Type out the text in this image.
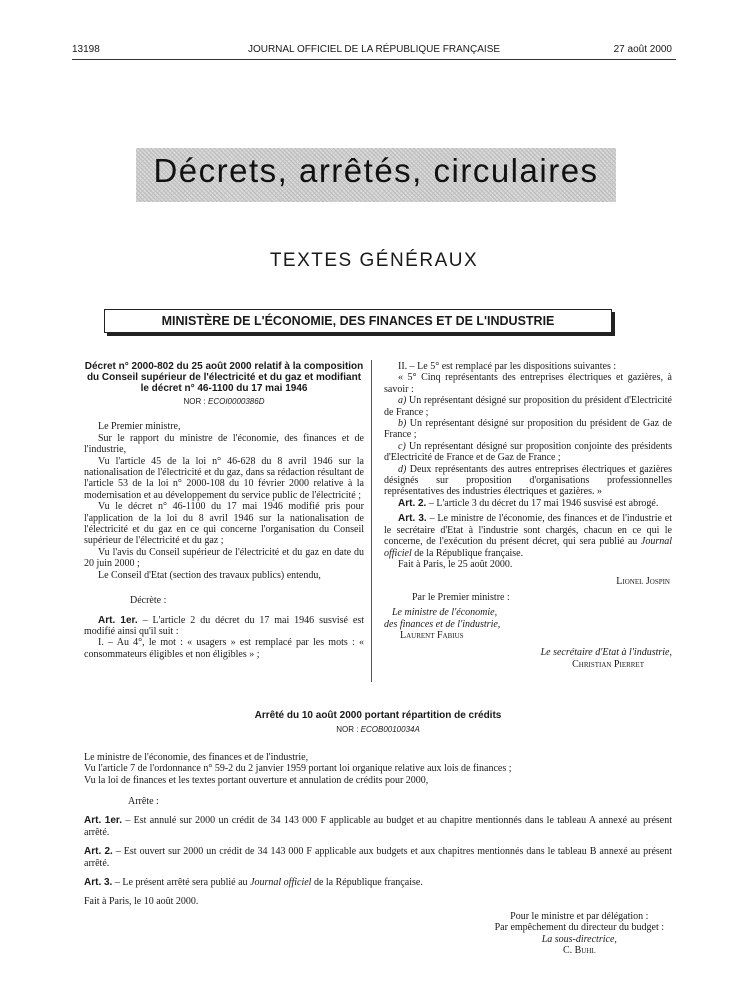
13198	JOURNAL OFFICIEL DE LA RÉPUBLIQUE FRANÇAISE	27 août 2000
Décrets, arrêtés, circulaires
TEXTES GÉNÉRAUX
MINISTÈRE DE L'ÉCONOMIE, DES FINANCES ET DE L'INDUSTRIE

Décret n° 2000-802 du 25 août 2000 relatif à la composition du Conseil supérieur de l'électricité et du gaz et modifiant le décret n° 46-1100 du 17 mai 1946

NOR : ECOI0000386D

Le Premier ministre,

Sur le rapport du ministre de l'économie, des finances et de l'industrie,

Vu l'article 45 de la loi n° 46-628 du 8 avril 1946 sur la nationalisation de l'électricité et du gaz, dans sa rédaction résultant de l'article 53 de la loi n° 2000-108 du 10 février 2000 relative à la modernisation et au développement du service public de l'électricité ;

Vu le décret n° 46-1100 du 17 mai 1946 modifié pris pour l'application de la loi du 8 avril 1946 sur la nationalisation de l'électricité et du gaz en ce qui concerne l'organisation du Conseil supérieur de l'électricité et du gaz ;

Vu l'avis du Conseil supérieur de l'électricité et du gaz en date du 20 juin 2000 ;

Le Conseil d'Etat (section des travaux publics) entendu,

Décrète :

Art. 1er. – L'article 2 du décret du 17 mai 1946 susvisé est modifié ainsi qu'il suit :

I. – Au 4°, le mot : « usagers » est remplacé par les mots : « consommateurs éligibles et non éligibles » ;

II. – Le 5° est remplacé par les dispositions suivantes :

« 5° Cinq représentants des entreprises électriques et gazières, à savoir :

a) Un représentant désigné sur proposition du président d'Electricité de France ;

b) Un représentant désigné sur proposition du président de Gaz de France ;

c) Un représentant désigné sur proposition conjointe des présidents d'Electricité de France et de Gaz de France ;

d) Deux représentants des autres entreprises électriques et gazières désignés sur proposition d'organisations professionnelles représentatives des industries électriques et gazières. »

Art. 2. – L'article 3 du décret du 17 mai 1946 susvisé est abrogé.

Art. 3. – Le ministre de l'économie, des finances et de l'industrie et le secrétaire d'Etat à l'industrie sont chargés, chacun en ce qui le concerne, de l'exécution du présent décret, qui sera publié au Journal officiel de la République française.

Fait à Paris, le 25 août 2000.

Lionel Jospin

Par le Premier ministre :

Le ministre de l'économie,

des finances et de l'industrie,

Laurent Fabius

Le secrétaire d'Etat à l'industrie,

Christian Pierret

Arrêté du 10 août 2000 portant répartition de crédits

NOR : ECOB0010034A

Le ministre de l'économie, des finances et de l'industrie,

Vu l'article 7 de l'ordonnance n° 59-2 du 2 janvier 1959 portant loi organique relative aux lois de finances ;

Vu la loi de finances et les textes portant ouverture et annulation de crédits pour 2000,

Arrête :

Art. 1er. – Est annulé sur 2000 un crédit de 34 143 000 F applicable au budget et au chapitre mentionnés dans le tableau A annexé au présent arrêté.

Art. 2. – Est ouvert sur 2000 un crédit de 34 143 000 F applicable aux budgets et aux chapitres mentionnés dans le tableau B annexé au présent arrêté.

Art. 3. – Le présent arrêté sera publié au Journal officiel de la République française.

Fait à Paris, le 10 août 2000.

Pour le ministre et par délégation :

Par empêchement du directeur du budget :

La sous-directrice,

C. Buhl
